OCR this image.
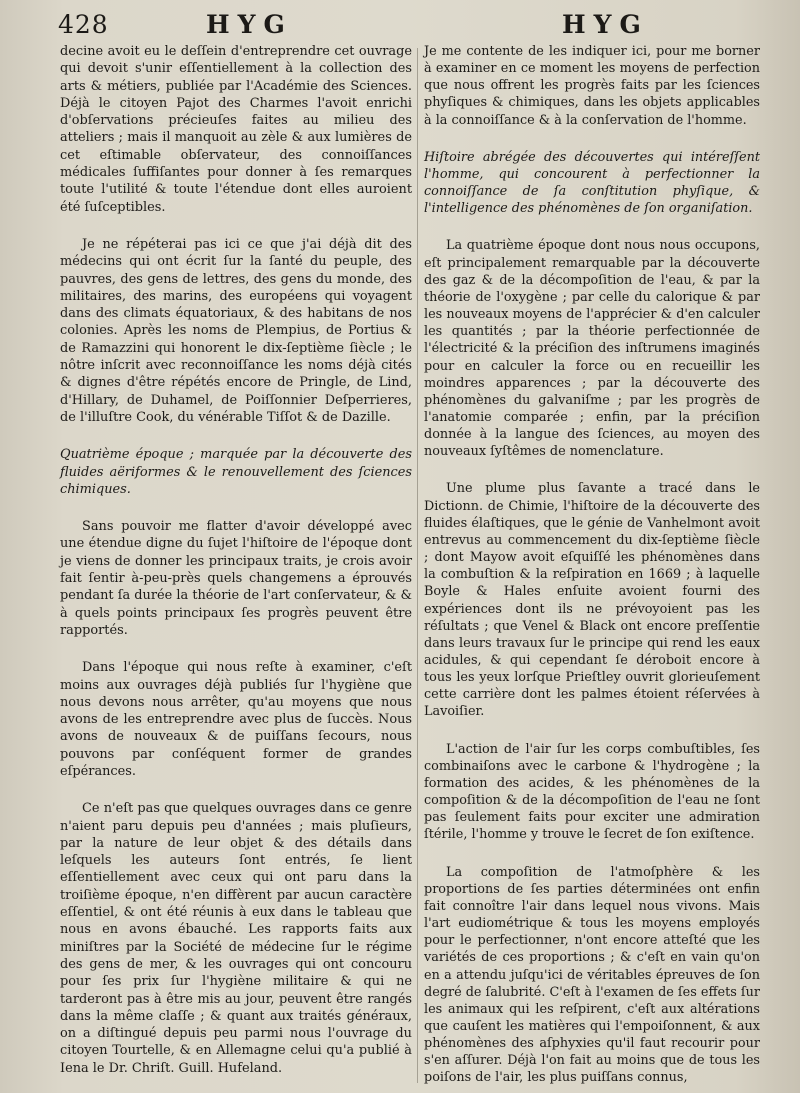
428	HYG	HYG

decine avoit eu le deſſein d'entreprendre cet ouvrage qui devoit s'unir eſſentiellement à la collection des arts & métiers, publiée par l'Académie des Sciences. Déjà le citoyen Pajot des Charmes l'avoit enrichi d'obſervations précieuſes faites au milieu des atteliers ; mais il manquoit au zèle & aux lumières de cet eſtimable obſervateur, des connoiſſances médicales ſuffiſantes pour donner à ſes remarques toute l'utilité & toute l'étendue dont elles auroient été ſuſceptibles.

Je ne répéterai pas ici ce que j'ai déjà dit des médecins qui ont écrit ſur la ſanté du peuple, des pauvres, des gens de lettres, des gens du monde, des militaires, des marins, des européens qui voyagent dans des climats équatoriaux, & des habitans de nos colonies. Après les noms de Plempius, de Portius & de Ramazzini qui honorent le dix-ſeptième ſiècle ; le nôtre inſcrit avec reconnoiſſance les noms déjà cités & dignes d'être répétés encore de Pringle, de Lind, d'Hillary, de Duhamel, de Poiſſonnier Deſperrieres, de l'illuſtre Cook, du vénérable Tiſſot & de Dazille.

Quatrième époque ; marquée par la découverte des fluides aëriformes & le renouvellement des ſciences chimiques.

Sans pouvoir me flatter d'avoir développé avec une étendue digne du ſujet l'hiſtoire de l'époque dont je viens de donner les principaux traits, je crois avoir fait ſentir à-peu-près quels changemens a éprouvés pendant ſa durée la théorie de l'art conſervateur, & & à quels points principaux ſes progrès peuvent être rapportés.

Dans l'époque qui nous reſte à examiner, c'eſt moins aux ouvrages déjà publiés ſur l'hygiène que nous devons nous arrêter, qu'au moyens que nous avons de les entreprendre avec plus de ſuccès. Nous avons de nouveaux & de puiſſans ſecours, nous pouvons par conſéquent former de grandes eſpérances.

Ce n'eſt pas que quelques ouvrages dans ce genre n'aient paru depuis peu d'années ; mais pluſieurs, par la nature de leur objet & des détails dans leſquels les auteurs ſont entrés, ſe lient eſſentiellement avec ceux qui ont paru dans la troiſième époque, n'en diffèrent par aucun caractère eſſentiel, & ont été réunis à eux dans le tableau que nous en avons ébauché. Les rapports faits aux miniſtres par la Société de médecine ſur le régime des gens de mer, & les ouvrages qui ont concouru pour ſes prix ſur l'hygiène militaire & qui ne tarderont pas à être mis au jour, peuvent être rangés dans la même claſſe ; & quant aux traités généraux, on a diſtingué depuis peu parmi nous l'ouvrage du citoyen Tourtelle, & en Allemagne celui qu'a publié à Iena le Dr. Chriſt. Guill. Hufeland.

Je me contente de les indiquer ici, pour me borner à examiner en ce moment les moyens de perfection que nous offrent les progrès faits par les ſciences phyſiques & chimiques, dans les objets applicables à la connoiſſance & à la conſervation de l'homme.

Hiſtoire abrégée des découvertes qui intéreſſent l'homme, qui concourent à perfectionner la connoiſſance de ſa conſtitution phyſique, & l'intelligence des phénomènes de ſon organiſation.

La quatrième époque dont nous nous occupons, eſt principalement remarquable par la découverte des gaz & de la décompoſition de l'eau, & par la théorie de l'oxygène ; par celle du calorique & par les nouveaux moyens de l'apprécier & d'en calculer les quantités ; par la théorie perfectionnée de l'électricité & la préciſion des inſtrumens imaginés pour en calculer la force ou en recueillir les moindres apparences ; par la découverte des phénomènes du galvaniſme ; par les progrès de l'anatomie comparée ; enfin, par la préciſion donnée à la langue des ſciences, au moyen des nouveaux ſyſtêmes de nomenclature.

Une plume plus ſavante a tracé dans le Dictionn. de Chimie, l'hiſtoire de la découverte des fluides élaſtiques, que le génie de Vanhelmont avoit entrevus au commencement du dix-ſeptième ſiècle ; dont Mayow avoit eſquiſſé les phénomènes dans la combuſtion & la reſpiration en 1669 ; à laquelle Boyle & Hales enſuite avoient fourni des expériences dont ils ne prévoyoient pas les réſultats ; que Venel & Black ont encore preſſentie dans leurs travaux ſur le principe qui rend les eaux acidules, & qui cependant ſe déroboit encore à tous les yeux lorſque Prieſtley ouvrit glorieuſement cette carrière dont les palmes étoient réſervées à Lavoiſier.

L'action de l'air ſur les corps combuſtibles, ſes combinaiſons avec le carbone & l'hydrogène ; la formation des acides, & les phénomènes de la compoſition & de la décompoſition de l'eau ne ſont pas ſeulement faits pour exciter une admiration ſtérile, l'homme y trouve le ſecret de ſon exiſtence.

La compoſition de l'atmoſphère & les proportions de ſes parties déterminées ont enfin fait connoître l'air dans lequel nous vivons. Mais l'art eudiométrique & tous les moyens employés pour le perfectionner, n'ont encore atteſté que les variétés de ces proportions ; & c'eſt en vain qu'on en a attendu juſqu'ici de véritables épreuves de ſon degré de ſalubrité. C'eſt à l'examen de ſes effets ſur les animaux qui les reſpirent, c'eſt aux altérations que cauſent les matières qui l'empoiſonnent, & aux phénomènes des aſphyxies qu'il faut recourir pour s'en aſſurer. Déjà l'on fait au moins que de tous les poiſons de l'air, les plus puiſſans connus,
